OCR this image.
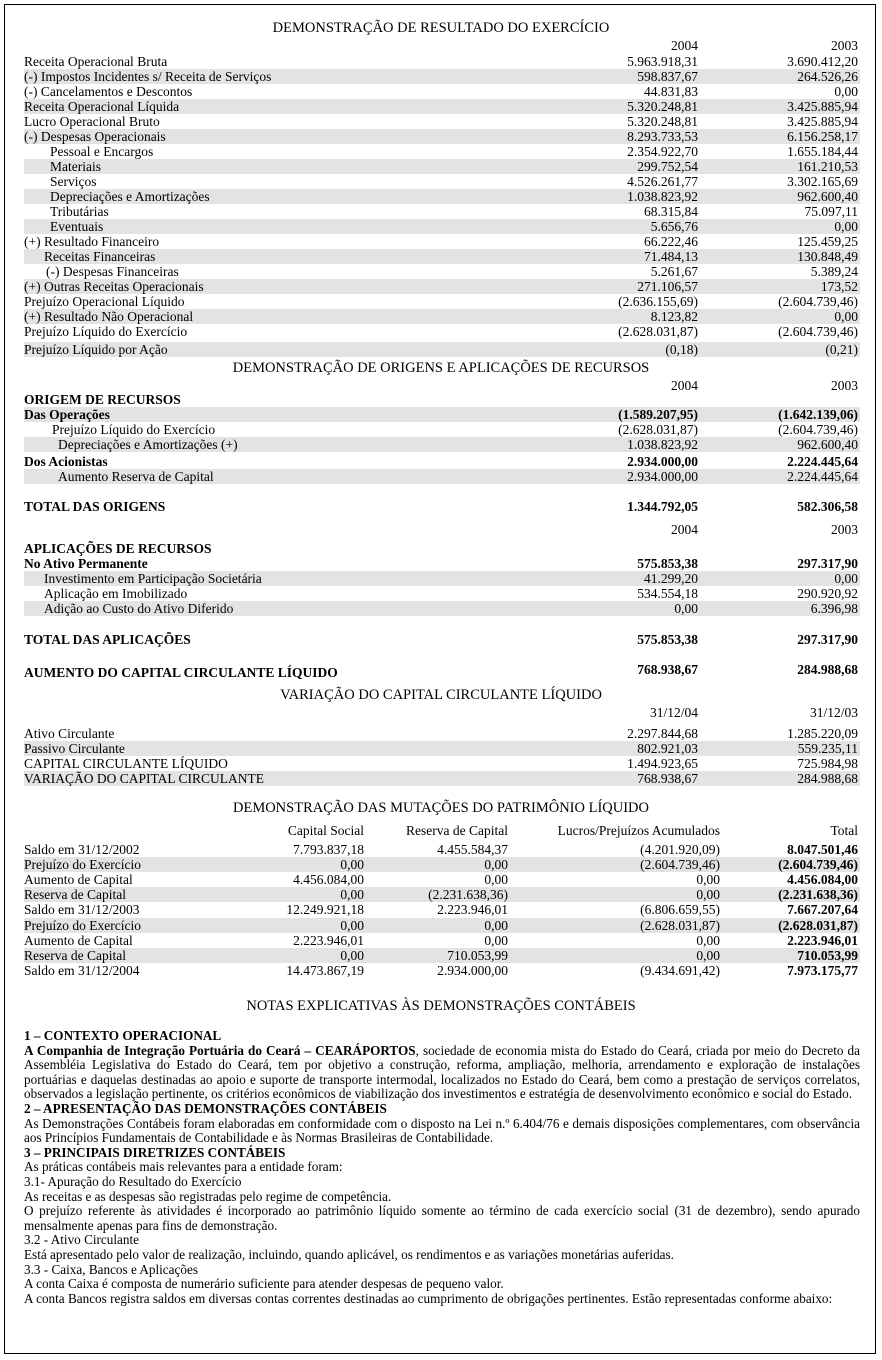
DEMONSTRAÇÃO DE RESULTADO DO EXERCÍCIO
2004	2003
Receita Operacional Bruta	5.963.918,31	3.690.412,20
(-) Impostos Incidentes s/ Receita de Serviços	598.837,67	264.526,26
(-) Cancelamentos e Descontos	44.831,83	0,00
Receita Operacional Líquida	5.320.248,81	3.425.885,94
Lucro Operacional Bruto	5.320.248,81	3.425.885,94
(-) Despesas Operacionais	8.293.733,53	6.156.258,17
Pessoal e Encargos	2.354.922,70	1.655.184,44
Materiais	299.752,54	161.210,53
Serviços	4.526.261,77	3.302.165,69
Depreciações e Amortizações	1.038.823,92	962.600,40
Tributárias	68.315,84	75.097,11
Eventuais	5.656,76	0,00
(+) Resultado Financeiro	66.222,46	125.459,25
Receitas Financeiras	71.484,13	130.848,49
(-) Despesas Financeiras	5.261,67	5.389,24
(+) Outras Receitas Operacionais	271.106,57	173,52
Prejuízo Operacional Líquido	(2.636.155,69)	(2.604.739,46)
(+) Resultado Não Operacional	8.123,82	0,00
Prejuízo Líquido do Exercício	(2.628.031,87)	(2.604.739,46)
Prejuízo Líquido por Ação	(0,18)	(0,21)
DEMONSTRAÇÃO DE ORIGENS E APLICAÇÕES DE RECURSOS
2004	2003
ORIGEM DE RECURSOS
Das Operações	(1.589.207,95)	(1.642.139,06)
Prejuízo Líquido do Exercício	(2.628.031,87)	(2.604.739,46)
Depreciações e Amortizações (+)	1.038.823,92	962.600,40
Dos Acionistas	2.934.000,00	2.224.445,64
Aumento Reserva de Capital	2.934.000,00	2.224.445,64
TOTAL DAS ORIGENS	1.344.792,05	582.306,58
2004	2003
APLICAÇÕES DE RECURSOS
No Ativo Permanente	575.853,38	297.317,90
Investimento em Participação Societária	41.299,20	0,00
Aplicação em Imobilizado	534.554,18	290.920,92
Adição ao Custo do Ativo Diferido	0,00	6.396,98
TOTAL DAS APLICAÇÕES	575.853,38	297.317,90
AUMENTO DO CAPITAL CIRCULANTE LÍQUIDO	768.938,67	284.988,68
VARIAÇÃO DO CAPITAL CIRCULANTE LÍQUIDO
31/12/04	31/12/03
Ativo Circulante	2.297.844,68	1.285.220,09
Passivo Circulante	802.921,03	559.235,11
CAPITAL CIRCULANTE LÍQUIDO	1.494.923,65	725.984,98
VARIAÇÃO DO CAPITAL CIRCULANTE	768.938,67	284.988,68
DEMONSTRAÇÃO DAS MUTAÇÕES DO PATRIMÔNIO LÍQUIDO
Capital Social	Reserva de Capital	Lucros/Prejuízos Acumulados	Total
Saldo em 31/12/2002	7.793.837,18	4.455.584,37	(4.201.920,09)	8.047.501,46
Prejuízo do Exercício	0,00	0,00	(2.604.739,46)	(2.604.739,46)
Aumento de Capital	4.456.084,00	0,00	0,00	4.456.084,00
Reserva de Capital	0,00	(2.231.638,36)	0,00	(2.231.638,36)
Saldo em 31/12/2003	12.249.921,18	2.223.946,01	(6.806.659,55)	7.667.207,64
Prejuízo do Exercício	0,00	0,00	(2.628.031,87)	(2.628.031,87)
Aumento de Capital	2.223.946,01	0,00	0,00	2.223.946,01
Reserva de Capital	0,00	710.053,99	0,00	710.053,99
Saldo em 31/12/2004	14.473.867,19	2.934.000,00	(9.434.691,42)	7.973.175,77
NOTAS EXPLICATIVAS ÀS DEMONSTRAÇÕES CONTÁBEIS

1 – CONTEXTO OPERACIONAL

A Companhia de Integração Portuária do Ceará – CEARÁPORTOS, sociedade de economia mista do Estado do Ceará, criada por meio do Decreto da Assembléia Legislativa do Estado do Ceará, tem por objetivo a construção, reforma, ampliação, melhoria, arrendamento e exploração de instalações portuárias e daquelas destinadas ao apoio e suporte de transporte intermodal, localizados no Estado do Ceará, bem como a prestação de serviços correlatos, observados a legislação pertinente, os critérios econômicos de viabilização dos investimentos e estratégia de desenvolvimento econômico e social do Estado.

2 – APRESENTAÇÃO DAS DEMONSTRAÇÕES CONTÁBEIS

As Demonstrações Contábeis foram elaboradas em conformidade com o disposto na Lei n.º 6.404/76 e demais disposições complementares, com observância aos Princípios Fundamentais de Contabilidade e às Normas Brasileiras de Contabilidade.

3 – PRINCIPAIS DIRETRIZES CONTÁBEIS

As práticas contábeis mais relevantes para a entidade foram:

3.1- Apuração do Resultado do Exercício

As receitas e as despesas são registradas pelo regime de competência.

O prejuízo referente às atividades é incorporado ao patrimônio líquido somente ao término de cada exercício social (31 de dezembro), sendo apurado mensalmente apenas para fins de demonstração.

3.2 - Ativo Circulante

Está apresentado pelo valor de realização, incluindo, quando aplicável, os rendimentos e as variações monetárias auferidas.

3.3 - Caixa, Bancos e Aplicações

A conta Caixa é composta de numerário suficiente para atender despesas de pequeno valor.

A conta Bancos registra saldos em diversas contas correntes destinadas ao cumprimento de obrigações pertinentes. Estão representadas conforme abaixo:
